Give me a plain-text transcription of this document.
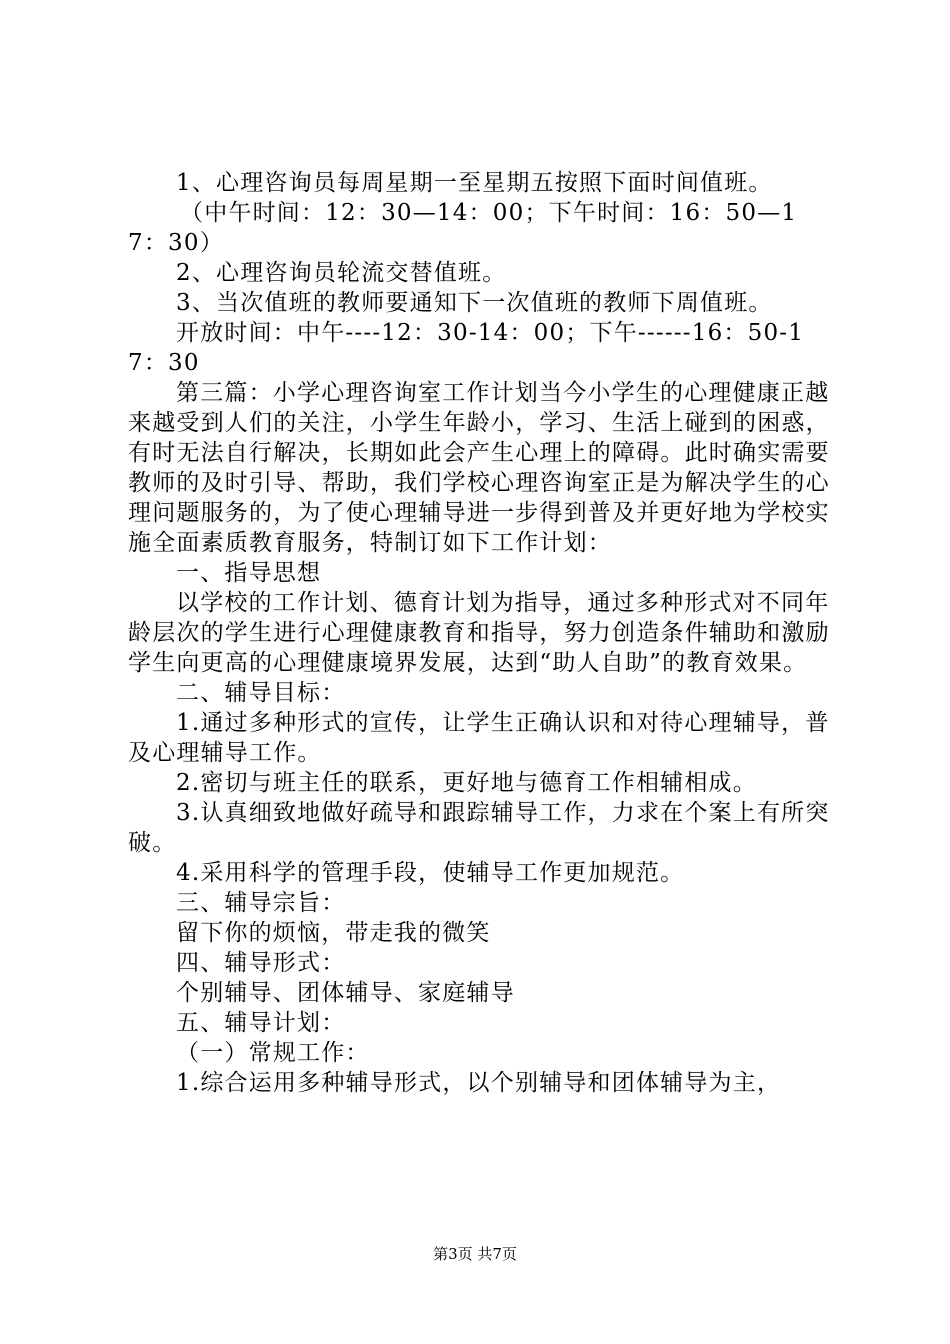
1、心理咨询员每周星期一至星期五按照下面时间值班。

（中午时间：12：30—14：00；下午时间：16：50—17：30）

2、心理咨询员轮流交替值班。

3、当次值班的教师要通知下一次值班的教师下周值班。

开放时间：中午----12：30-14：00；下午------16：50-17：30

第三篇：小学心理咨询室工作计划当今小学生的心理健康正越来越受到人们的关注，小学生年龄小，学习、生活上碰到的困惑，有时无法自行解决，长期如此会产生心理上的障碍。此时确实需要教师的及时引导、帮助，我们学校心理咨询室正是为解决学生的心理问题服务的，为了使心理辅导进一步得到普及并更好地为学校实施全面素质教育服务，特制订如下工作计划：

一、指导思想

以学校的工作计划、德育计划为指导，通过多种形式对不同年龄层次的学生进行心理健康教育和指导，努力创造条件辅助和激励学生向更高的心理健康境界发展，达到“助人自助”的教育效果。

二、辅导目标：

1.通过多种形式的宣传，让学生正确认识和对待心理辅导，普及心理辅导工作。

2.密切与班主任的联系，更好地与德育工作相辅相成。

3.认真细致地做好疏导和跟踪辅导工作，力求在个案上有所突破。

4.采用科学的管理手段，使辅导工作更加规范。

三、辅导宗旨：

留下你的烦恼，带走我的微笑

四、辅导形式：

个别辅导、团体辅导、家庭辅导

五、辅导计划：

（一）常规工作：

1.综合运用多种辅导形式，以个别辅导和团体辅导为主，

第3页 共7页
